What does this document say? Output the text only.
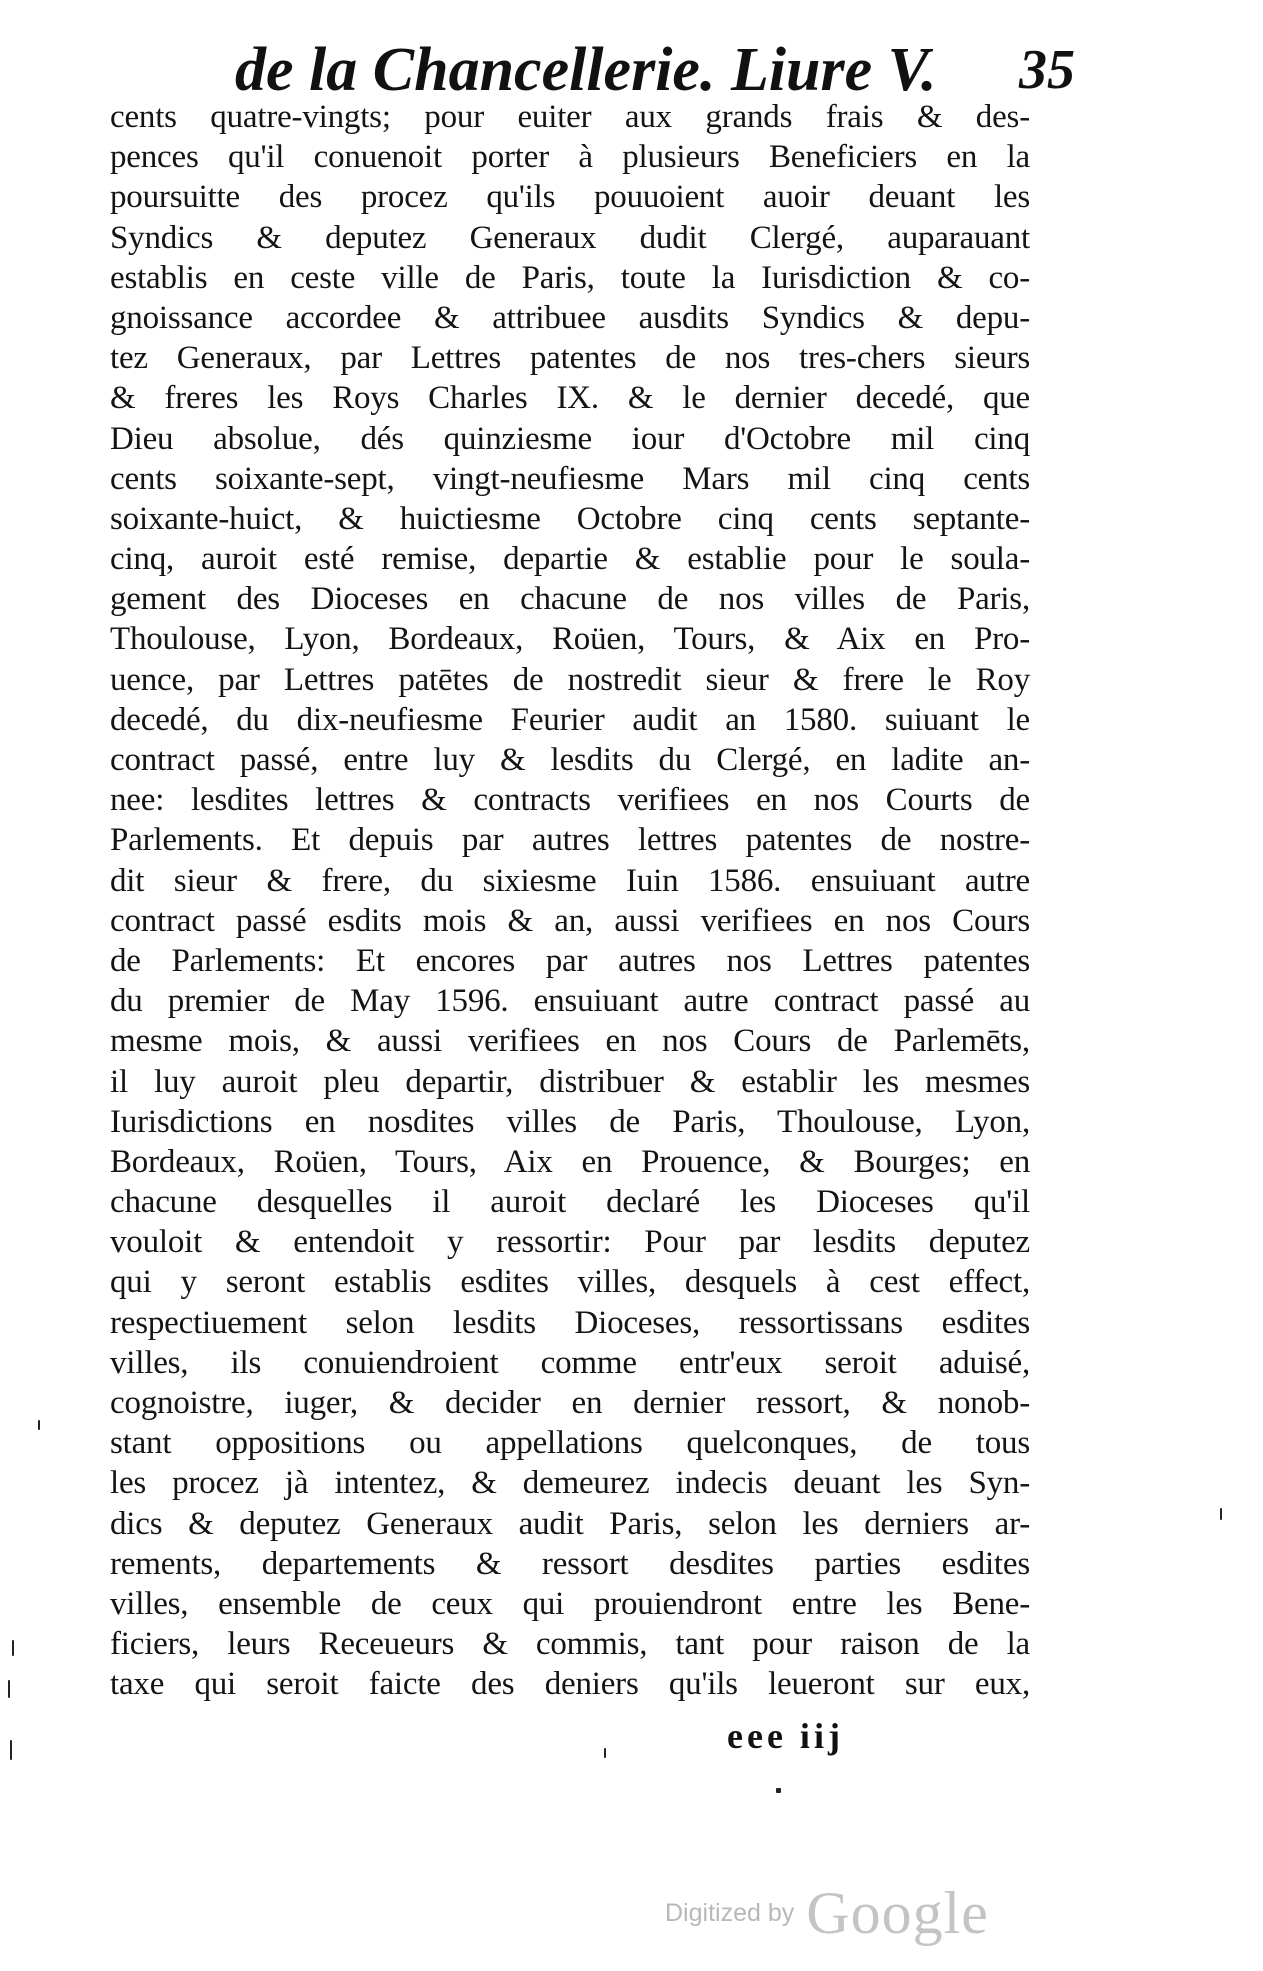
de la Chancellerie. Liure V. 35
cents quatre-vingts; pour euiter aux grands frais & des-
pences qu'il conuenoit porter à plusieurs Beneficiers en la
poursuitte des procez qu'ils pouuoient auoir deuant les
Syndics & deputez Generaux dudit Clergé, auparauant
establis en ceste ville de Paris, toute la Iurisdiction & co-
gnoissance accordee & attribuee ausdits Syndics & depu-
tez Generaux, par Lettres patentes de nos tres-chers sieurs
& freres les Roys Charles IX. & le dernier decedé, que
Dieu absolue, dés quinziesme iour d'Octobre mil cinq
cents soixante-sept, vingt-neufiesme Mars mil cinq cents
soixante-huict, & huictiesme Octobre cinq cents septante-
cinq, auroit esté remise, departie & establie pour le soula-
gement des Dioceses en chacune de nos villes de Paris,
Thoulouse, Lyon, Bordeaux, Roüen, Tours, & Aix en Pro-
uence, par Lettres patētes de nostredit sieur & frere le Roy
decedé, du dix-neufiesme Feurier audit an 1580. suiuant le
contract passé, entre luy & lesdits du Clergé, en ladite an-
nee: lesdites lettres & contracts verifiees en nos Courts de
Parlements. Et depuis par autres lettres patentes de nostre-
dit sieur & frere, du sixiesme Iuin 1586. ensuiuant autre
contract passé esdits mois & an, aussi verifiees en nos Cours
de Parlements: Et encores par autres nos Lettres patentes
du premier de May 1596. ensuiuant autre contract passé au
mesme mois, & aussi verifiees en nos Cours de Parlemēts,
il luy auroit pleu departir, distribuer & establir les mesmes
Iurisdictions en nosdites villes de Paris, Thoulouse, Lyon,
Bordeaux, Roüen, Tours, Aix en Prouence, & Bourges; en
chacune desquelles il auroit declaré les Dioceses qu'il
vouloit & entendoit y ressortir: Pour par lesdits deputez
qui y seront establis esdites villes, desquels à cest effect,
respectiuement selon lesdits Dioceses, ressortissans esdites
villes, ils conuiendroient comme entr'eux seroit aduisé,
cognoistre, iuger, & decider en dernier ressort, & nonob-
stant oppositions ou appellations quelconques, de tous
les procez jà intentez, & demeurez indecis deuant les Syn-
dics & deputez Generaux audit Paris, selon les derniers ar-
rements, departements & ressort desdites parties esdites
villes, ensemble de ceux qui prouiendront entre les Bene-
ficiers, leurs Receueurs & commis, tant pour raison de la
taxe qui seroit faicte des deniers qu'ils leueront sur eux,
eee iij
Digitized by Google
